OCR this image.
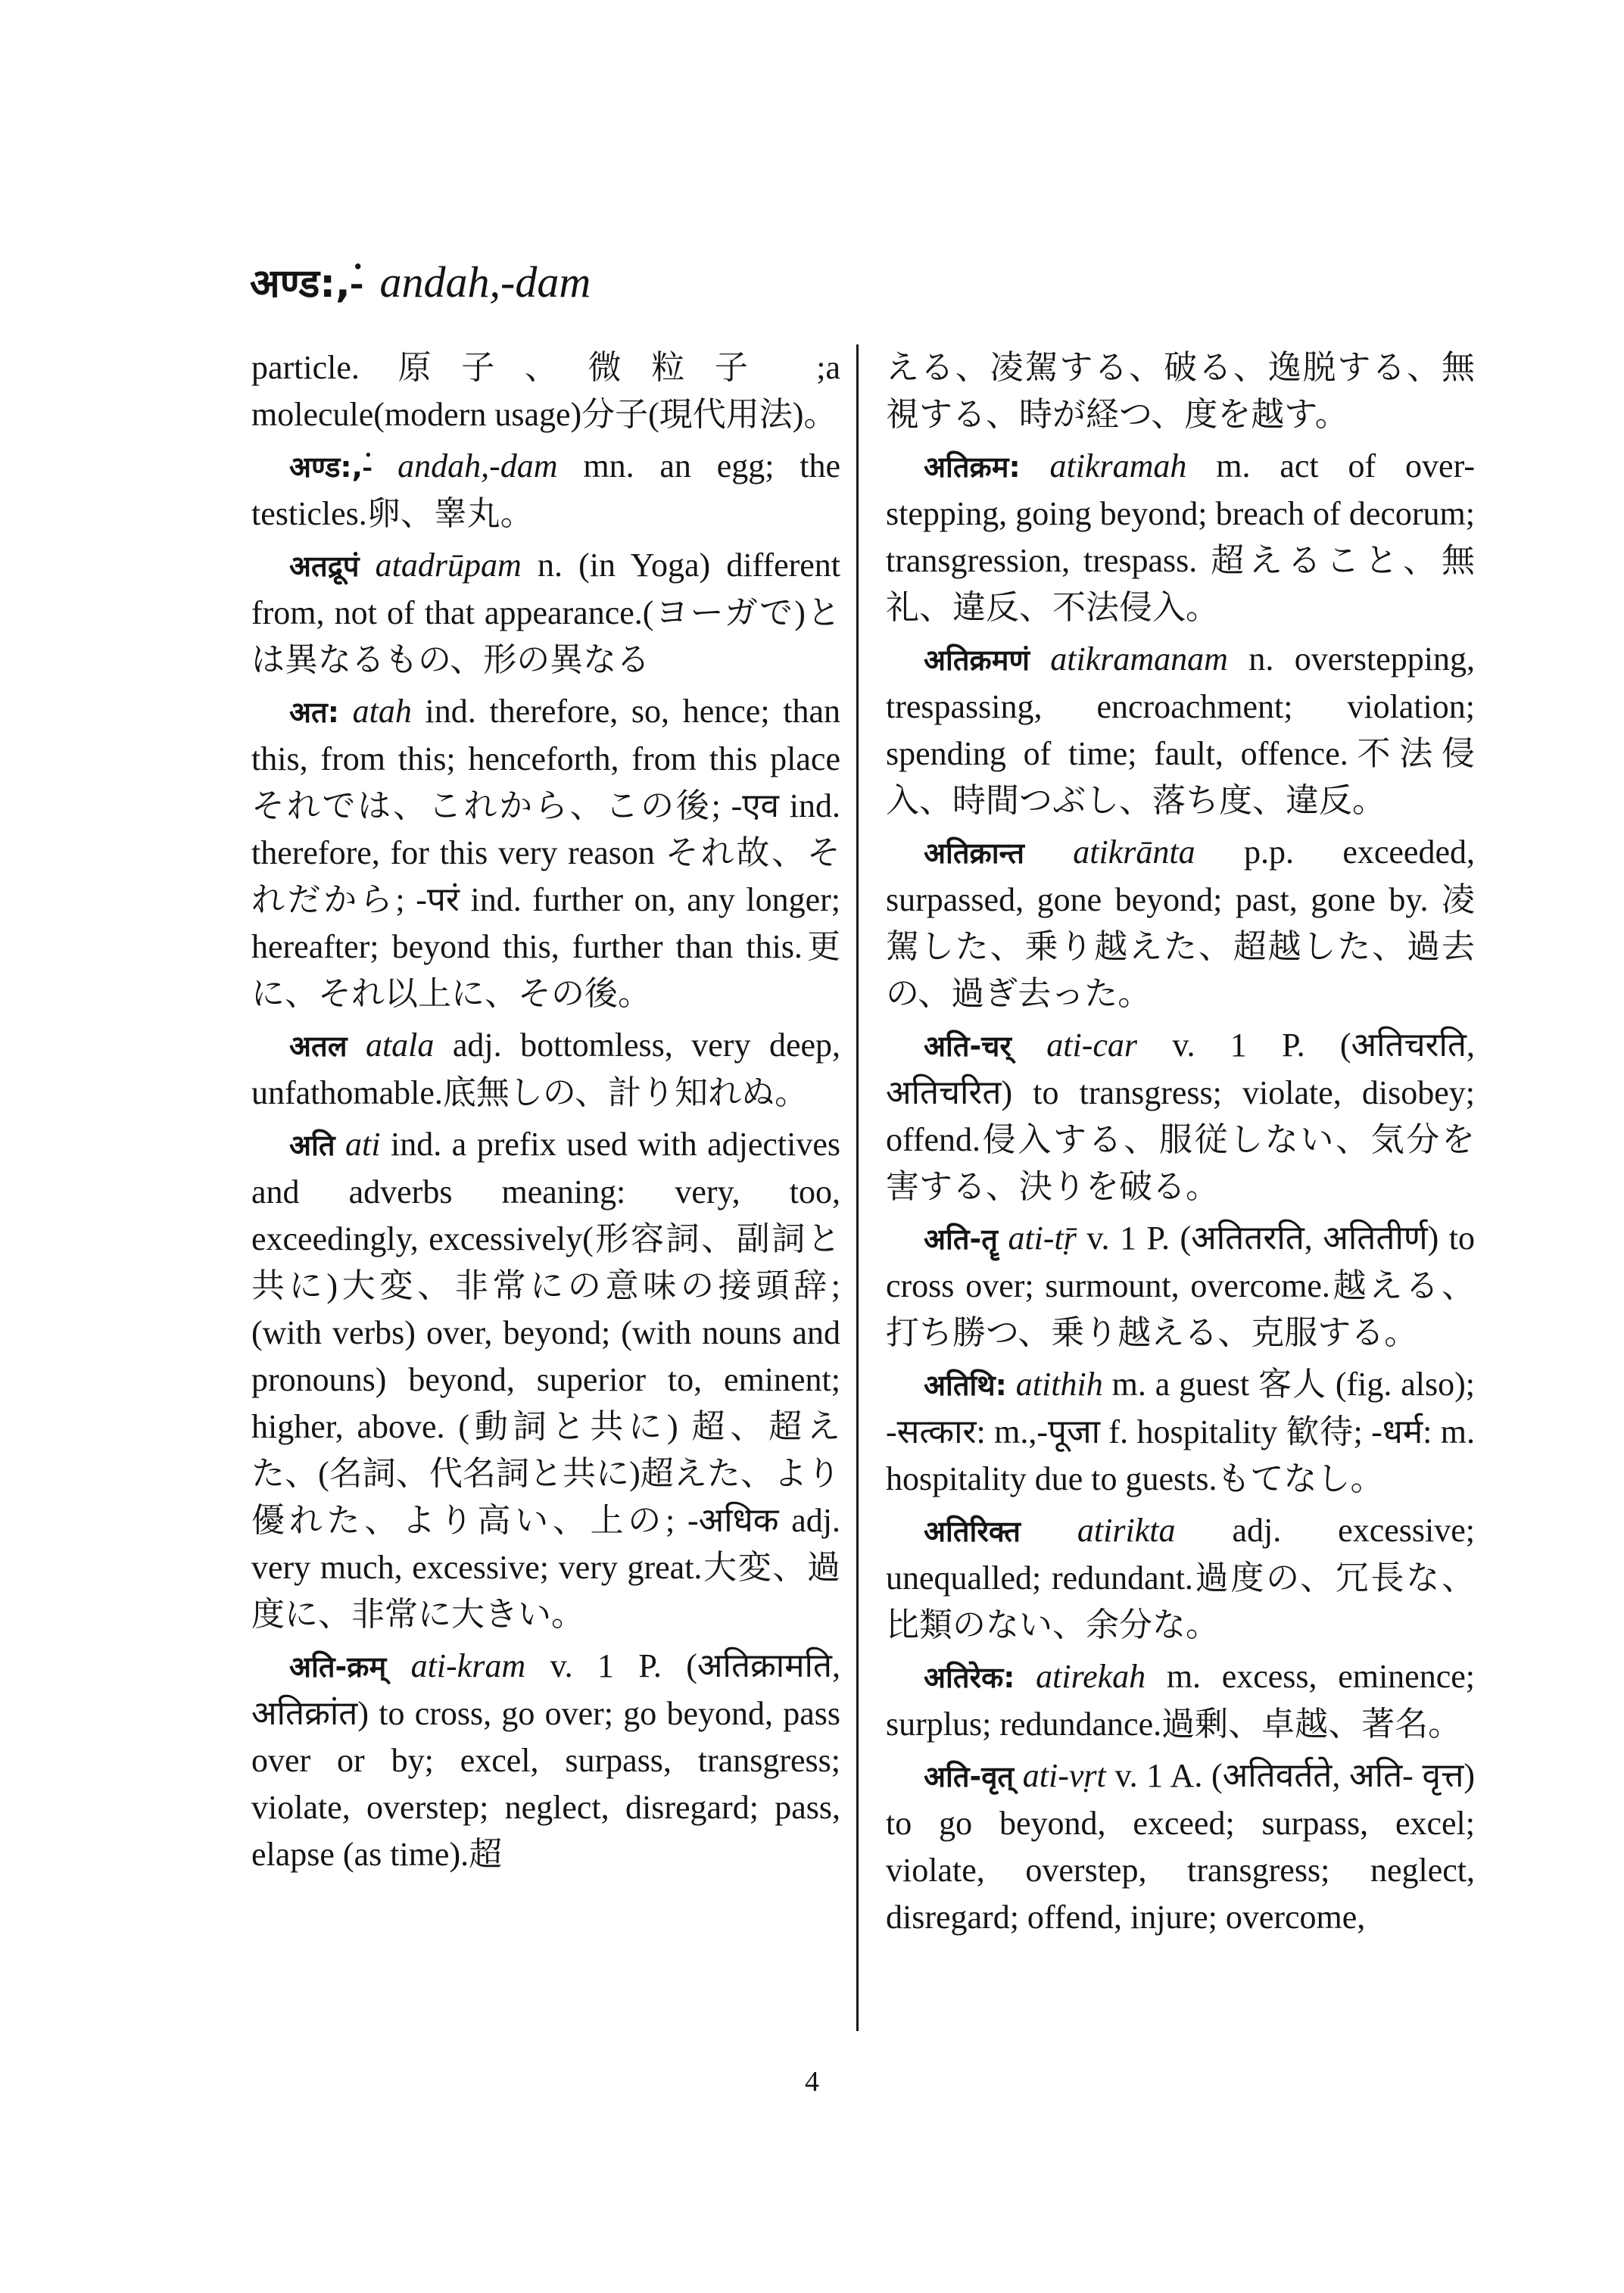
अण्ड:,-ं andah,-dam

particle. 原子、微粒子 ;a molecule(modern usage)分子(現代用法)。

अण्ड:,-ं andah,-dam mn. an egg; the testicles.卵、睾丸。

अतद्रूपं atadrūpam n. (in Yoga) different from, not of that appearance.(ヨーガで)とは異なるもの、形の異なる

अत: atah ind. therefore, so, hence; than this, from this; henceforth, from this place それでは、これから、この後; -एव ind. therefore, for this very reason それ故、それだから; -परं ind. further on, any longer; hereafter; beyond this, further than this.更に、それ以上に、その後。

अतल atala adj. bottomless, very deep, unfathomable.底無しの、計り知れぬ。

अति ati ind. a prefix used with adjectives and adverbs meaning: very, too, exceedingly, excessively(形容詞、副詞と共に)大変、非常にの意味の接頭辞; (with verbs) over, beyond; (with nouns and pronouns) beyond, superior to, eminent; higher, above. (動詞と共に) 超、超えた、(名詞、代名詞と共に)超えた、より優れた、より高い、上の; -अधिक adj. very much, excessive; very great.大変、過度に、非常に大きい。

अति-क्रम् ati-kram v. 1 P. (अतिक्रामति, अतिक्रांत) to cross, go over; go beyond, pass over or by; excel, surpass, transgress; violate, overstep; neglect, disregard; pass, elapse (as time).超

える、凌駕する、破る、逸脱する、無視する、時が経つ、度を越す。

अतिक्रम: atikramah m. act of over-stepping, going beyond; breach of decorum; transgression, trespass. 超えること、無礼、違反、不法侵入。

अतिक्रमणं atikramanam n. overstepping, trespassing, encroachment; violation; spending of time; fault, offence.不法侵入、時間つぶし、落ち度、違反。

अतिक्रान्त atikrānta p.p. exceeded, surpassed, gone beyond; past, gone by. 凌駕した、乗り越えた、超越した、過去の、過ぎ去った。

अति-चर् ati-car v. 1 P. (अतिचरति, अतिचरित) to transgress; violate, disobey; offend.侵入する、服従しない、気分を害する、決りを破る。

अति-तॄ ati-tṝ v. 1 P. (अतितरति, अतितीर्ण) to cross over; surmount, overcome.越える、打ち勝つ、乗り越える、克服する。

अतिथि: atithih m. a guest 客人 (fig. also); -सत्कार: m.,-पूजा f. hospitality 歓待; -धर्म: m. hospitality due to guests.もてなし。

अतिरिक्त atirikta adj. excessive; unequalled; redundant.過度の、冗長な、比類のない、余分な。

अतिरेक: atirekah m. excess, eminence; surplus; redundance.過剰、卓越、著名。

अति-वृत् ati-vṛt v. 1 A. (अतिवर्तते, अति- वृत्त) to go beyond, exceed; surpass, excel; violate, overstep, transgress; neglect, disregard; offend, injure; overcome,

4
